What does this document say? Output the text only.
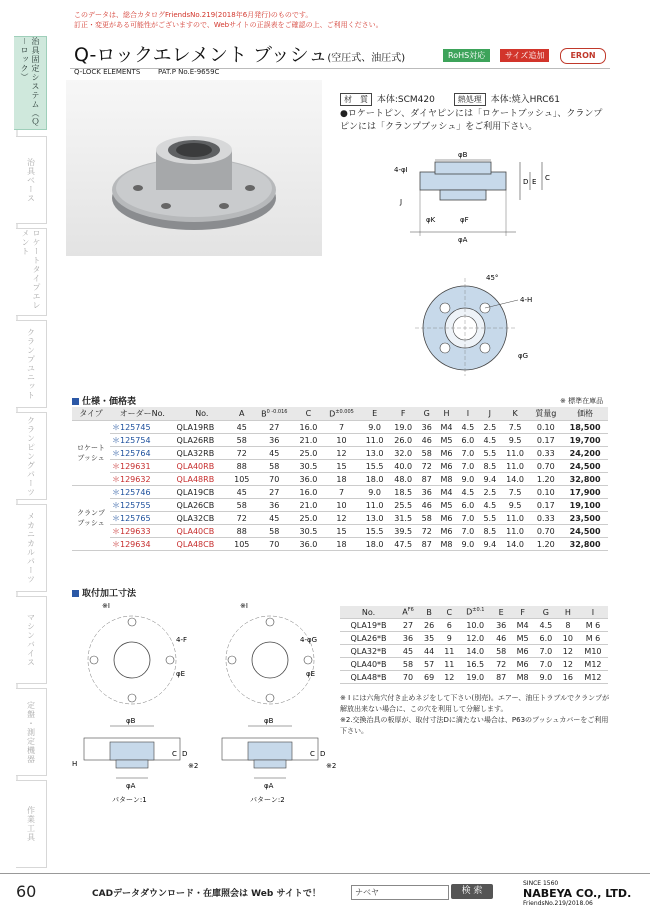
このデータは、総合カタログFriendsNo.219(2018年6月発行)のものです。
訂正・変更がある可能性がございますので、Webサイトの正誤表をご確認の上、ご利用ください。
治具固定システム（Ｑ－ロック）
治具ベース
ロケートタイプエレメント
クランプユニット
クランピングパーツ
メカニカルパーツ
マシンバイス
定盤・測定機器
作業工具
Q-ロックエレメント ブッシュ(空圧式、油圧式)	RoHS対応	サイズ追加	ERON
Q-LOCK ELEMENTS	PAT.P No.E-9659C
材　質 本体:SCM420	熱処理 本体:焼入HRC61
●ロケートピン、ダイヤピンには「ロケートブッシュ」、クランプピンには「クランプブッシュ」をご利用下さい。
φB
4-φI
J
D E C
φK	φF
φA
45°
4-H
φG
仕様・価格表	※ 標準在庫品
タイプ	オーダーNo.	No.	A	$B^{0 -0.016}$	C	$D^{\pm 0.005}$	E	F	G	H	I	J	K	質量g	価格
ロケートブッシュ	＊125745	QLA19RB	45	27	16.0	7	9.0	19.0	36	M4	4.5	2.5	7.5	0.10	18,500
	＊125754	QLA26RB	58	36	21.0	10	11.0	26.0	46	M5	6.0	4.5	9.5	0.17	19,700
	＊125764	QLA32RB	72	45	25.0	12	13.0	32.0	58	M6	7.0	5.5	11.0	0.33	24,200
	＊129631	QLA40RB	88	58	30.5	15	15.5	40.0	72	M6	7.0	8.5	11.0	0.70	24,500
	＊129632	QLA48RB	105	70	36.0	18	18.0	48.0	87	M8	9.0	9.4	14.0	1.20	32,800
クランプブッシュ	＊125746	QLA19CB	45	27	16.0	7	9.0	18.5	36	M4	4.5	2.5	7.5	0.10	17,900
	＊125755	QLA26CB	58	36	21.0	10	11.0	25.5	46	M5	6.0	4.5	9.5	0.17	19,100
	＊125765	QLA32CB	72	45	25.0	12	13.0	31.5	58	M6	7.0	5.5	11.0	0.33	23,500
	＊129633	QLA40CB	88	58	30.5	15	15.5	39.5	72	M6	7.0	8.5	11.0	0.70	24,500
	＊129634	QLA48CB	105	70	36.0	18	18.0	47.5	87	M8	9.0	9.4	14.0	1.20	32,800
取付加工寸法
※I
4-F
φE
φB
H
C D
※2
φA
パターン:1
※I
4-φG
φE
φB
C D
※2
φA
パターン:2
No.	$A^{F6}$	B	C	$D^{\pm 0.1}$	E	F	G	H	I
QLA19*B	27	26	6	10.0	36	M4	4.5	8	M 6
QLA26*B	36	35	9	12.0	46	M5	6.0	10	M 6
QLA32*B	45	44	11	14.0	58	M6	7.0	12	M10
QLA40*B	58	57	11	16.5	72	M6	7.0	12	M12
QLA48*B	70	69	12	19.0	87	M8	9.0	16	M12
※ I には六角穴付き止めネジをして下さい(別売)。エアー、油圧トラブルでクランプが解放出来ない場合に、この穴を利用して分解します。
※2.交換治具の板厚が、取付寸法Dに満たない場合は、P63のブッシュカバーをご利用下さい。
60	CADデータダウンロード・在庫照会は Web サイトで！	ナベヤ	検 索
SINCE 1560
NABEYA CO., LTD.
FriendsNo.219/2018.06
